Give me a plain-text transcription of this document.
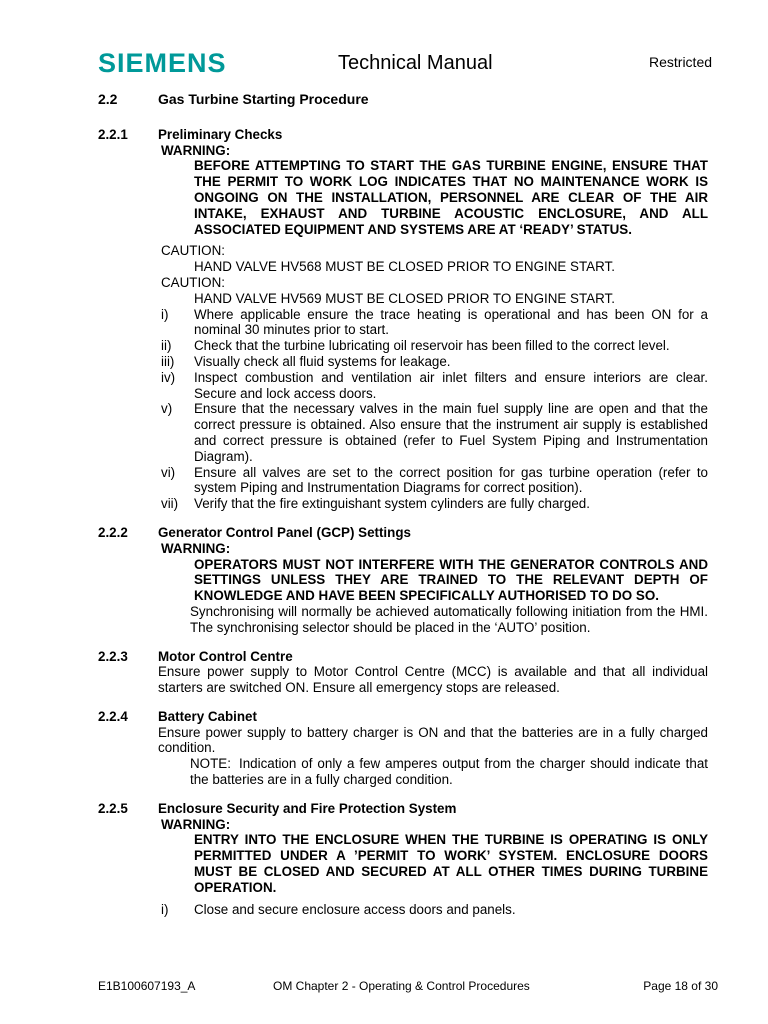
SIEMENS	Technical Manual	Restricted
2.2	Gas Turbine Starting Procedure
2.2.1	Preliminary Checks
WARNING:
BEFORE ATTEMPTING TO START THE GAS TURBINE ENGINE, ENSURE THAT THE PERMIT TO WORK LOG INDICATES THAT NO MAINTENANCE WORK IS ONGOING ON THE INSTALLATION, PERSONNEL ARE CLEAR OF THE AIR INTAKE, EXHAUST AND TURBINE ACOUSTIC ENCLOSURE, AND ALL ASSOCIATED EQUIPMENT AND SYSTEMS ARE AT ‘READY’ STATUS.
CAUTION:
HAND VALVE HV568 MUST BE CLOSED PRIOR TO ENGINE START.
CAUTION:
HAND VALVE HV569 MUST BE CLOSED PRIOR TO ENGINE START.
i)	Where applicable ensure the trace heating is operational and has been ON for a nominal 30 minutes prior to start.
ii)	Check that the turbine lubricating oil reservoir has been filled to the correct level.
iii)	Visually check all fluid systems for leakage.
iv)	Inspect combustion and ventilation air inlet filters and ensure interiors are clear. Secure and lock access doors.
v)	Ensure that the necessary valves in the main fuel supply line are open and that the correct pressure is obtained. Also ensure that the instrument air supply is established and correct pressure is obtained (refer to Fuel System Piping and Instrumentation Diagram).
vi)	Ensure all valves are set to the correct position for gas turbine operation (refer to system Piping and Instrumentation Diagrams for correct position).
vii)	Verify that the fire extinguishant system cylinders are fully charged.
2.2.2	Generator Control Panel (GCP) Settings
WARNING:
OPERATORS MUST NOT INTERFERE WITH THE GENERATOR CONTROLS AND SETTINGS UNLESS THEY ARE TRAINED TO THE RELEVANT DEPTH OF KNOWLEDGE AND HAVE BEEN SPECIFICALLY AUTHORISED TO DO SO.
Synchronising will normally be achieved automatically following initiation from the HMI. The synchronising selector should be placed in the ‘AUTO’ position.
2.2.3	Motor Control Centre
Ensure power supply to Motor Control Centre (MCC) is available and that all individual starters are switched ON. Ensure all emergency stops are released.
2.2.4	Battery Cabinet
Ensure power supply to battery charger is ON and that the batteries are in a fully charged condition.
NOTE: Indication of only a few amperes output from the charger should indicate that the batteries are in a fully charged condition.
2.2.5	Enclosure Security and Fire Protection System
WARNING:
ENTRY INTO THE ENCLOSURE WHEN THE TURBINE IS OPERATING IS ONLY PERMITTED UNDER A ’PERMIT TO WORK’ SYSTEM. ENCLOSURE DOORS MUST BE CLOSED AND SECURED AT ALL OTHER TIMES DURING TURBINE OPERATION.
i)	Close and secure enclosure access doors and panels.
E1B100607193_A	OM Chapter 2 - Operating & Control Procedures	Page 18 of 30
